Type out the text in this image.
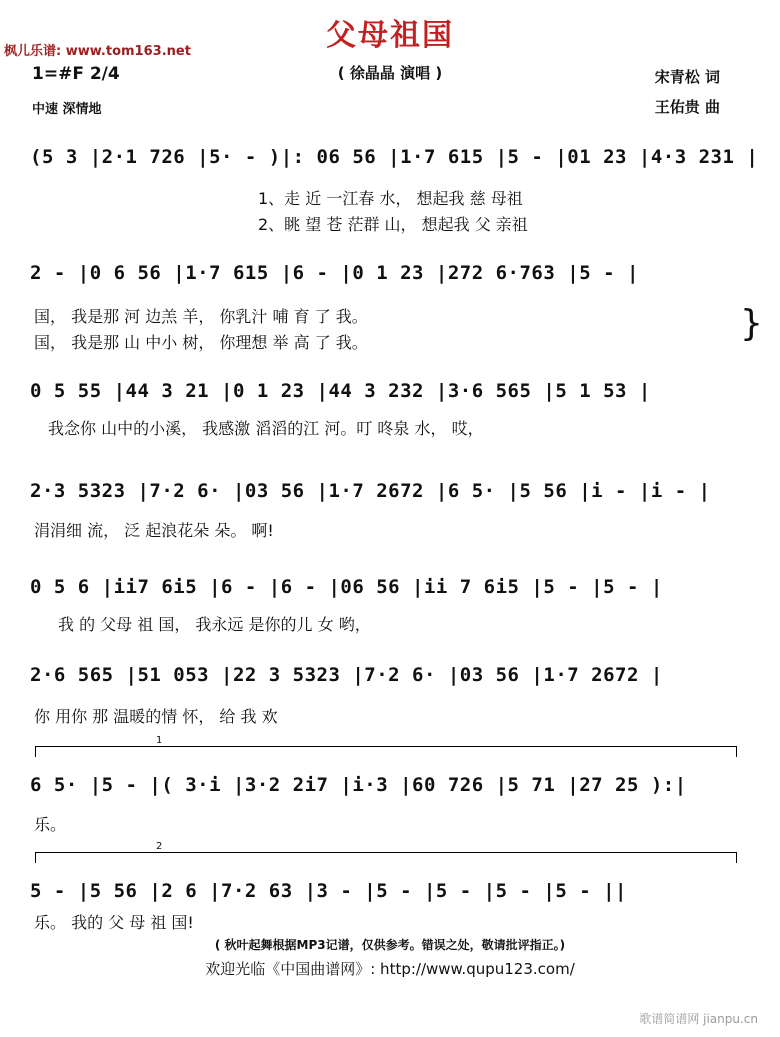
父母祖国
枫儿乐谱: www.tom163.net
( 徐晶晶 演唱 )	宋青松 词
王佑贵 曲
1=#F 2/4
中速 深情地
(5 3 |2·1 726 |5· - )|: 06 56 |1·7 615 |5 - |01 23 |4·3 231 |
1、走 近 一江春 水， 想起我 慈 母祖
2、眺 望 苍 茫群 山， 想起我 父 亲祖
2 - |0 6 56 |1·7 615 |6 - |0 1 23 |272 6·763 |5 - |
国， 我是那 河 边羔 羊， 你乳汁 哺 育 了 我。
国， 我是那 山 中小 树， 你理想 举 高 了 我。	}
0 5 55 |44 3 21 |0 1 23 |44 3 232 |3·6 565 |5 1 53 |
我念你 山中的小溪， 我感激 滔滔的江 河。叮 咚泉 水， 哎，
2·3 5323 |7·2 6· |03 56 |1·7 2672 |6 5· |5 56 |i - |i - |
涓涓细 流， 泛 起浪花朵 朵。 啊!
0 5 6 |ii7 6i5 |6 - |6 - |06 56 |ii 7 6i5 |5 - |5 - |
我 的 父母 祖 国， 我永远 是你的儿 女 哟，
2·6 565 |51 053 |22 3 5323 |7·2 6· |03 56 |1·7 2672 |
你 用你 那 温暖的情 怀， 给 我 欢
1
6 5· |5 - |( 3·i |3·2 2i7 |i·3 |60 726 |5 71 |27 25 ):|
乐。
2
5 - |5 56 |2 6 |7·2 63 |3 - |5 - |5 - |5 - |5 - ||
乐。 我的 父 母 祖 国!
( 秋叶起舞根据MP3记谱，仅供参考。错误之处，敬请批评指正。)
欢迎光临《中国曲谱网》: http://www.qupu123.com/
歌谱简谱网 jianpu.cn
